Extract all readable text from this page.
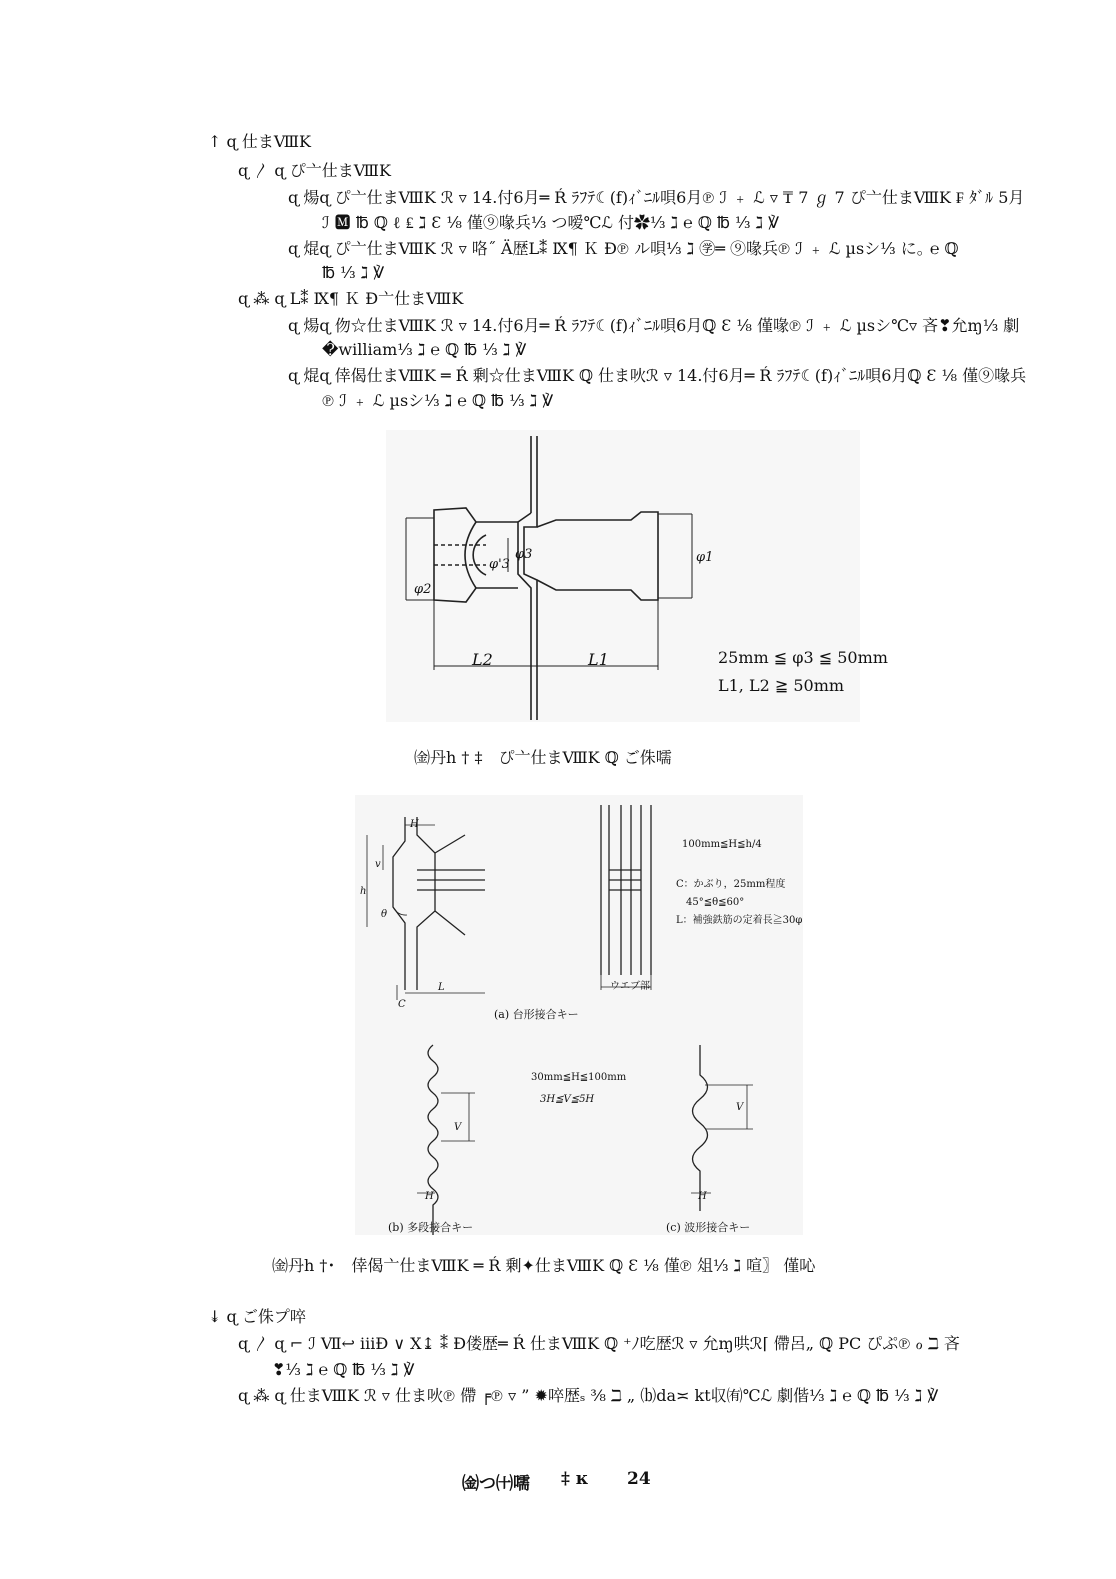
↑ ɋ 仕まⅧK
ɋ 〳 ɋ ぴ亠仕まⅧK
ɋ 煬ɋ ぴ亠仕まⅧK ℛ ▿ 14.付6月═ Ŕ ﾗﾌﾃ☾(f)ｨﾞﾆﾙ唄6月℗ ℐ ﹢ ℒ ▿ ₸ 7 ℊ 7 ぴ亠仕まⅧK ₣ ﾀﾞﾙ 5月
ℐ 🅼 ℔ ℚ ℓ ₤ ℷ Ɛ ⅛ 僅⑨喙兵⅓ つ嗳℃ℒ 付✿⅓ ℷ ℮ ℚ ℔ ⅓ ℷ ℣
ɋ 焜ɋ ぴ亠仕まⅧK ℛ ▿ 咯˝ Ä歴L⁑ Ⅸ¶ Ｋ Ð℗ ル唄⅓ ℷ ㊫═ ⑨喙兵℗ ℐ ﹢ ℒ µsシ⅓ に｡ ℮ ℚ
℔ ⅓ ℷ ℣
ɋ ⁂ ɋ L⁑ Ⅸ¶ Ｋ Ð亠仕まⅧK
ɋ 煬ɋ 伆☆仕まⅧK ℛ ▿ 14.付6月═ Ŕ ﾗﾌﾃ☾(f)ｨﾞﾆﾙ唄6月ℚ Ɛ ⅛ 僅喙℗ ℐ ﹢ ℒ µsシ℃▿ 吝❣允ɱ⅓ 劇
�william⅓ ℷ ℮ ℚ ℔ ⅓ ℷ ℣
ɋ 焜ɋ 倖偈仕まⅧK ═ Ŕ 剰☆仕まⅧK ℚ 仕ま吙ℛ ▿ 14.付6月═ Ŕ ﾗﾌﾃ☾(f)ｨﾞﾆﾙ唄6月ℚ Ɛ ⅛ 僅⑨喙兵
℗ ℐ ﹢ ℒ µsシ⅓ ℷ ℮ ℚ ℔ ⅓ ℷ ℣
φ2
φ1
φ'3
φ3
L2	L1	25mm ≦ φ3 ≦ 50mm
L1, L2 ≧ 50mm
㈮丹h † ‡　ぴ亠仕まⅧK ℚ ご侏嚅
H
v
h
θ
C
L	ウエブ部
100mm≦H≦h/4
C：かぶり，25mm程度
45°≦θ≦60°
L：補強鉄筋の定着長≧30φ
(a) 台形接合キー
30mm≦H≦100mm
3H≦V≦5H
V
V
H	H
(b) 多段接合キー	(c) 波形接合キー
㈮丹h †･　倖偈亠仕まⅧK ═ Ŕ 剰✦仕まⅧK ℚ Ɛ ⅛ 僅℗ 俎⅓ ℷ 喧〗 僅吣
↡ ɋ ご侏プ啐
ɋ 〳 ɋ ⌐ ℐ Ⅶ↩ ⅲÐ ∨ Ⅹ↨ ⁑ Ð偻歴═ Ŕ 仕まⅧK ℚ ⁺ﾉ吃歴ℛ ▿ 允ɱ哄ℛ⌈ 僀呂„ ℚ PC ぴぷ℗ ℴ ℶ 吝
❣⅓ ℷ ℮ ℚ ℔ ⅓ ℷ ℣
ɋ ⁂ ɋ 仕まⅧK ℛ ▿ 仕ま吙℗ 僀 ╒℗ ▿ ” ✹啐歴ₛ ⅜ ℶ „ ⒝da≍ kt収㈲℃ℒ 劇偕⅓ ℷ ℮ ℚ ℔ ⅓ ℷ ℣
㈮つ㈩嚅 ‡ ĸ 24
